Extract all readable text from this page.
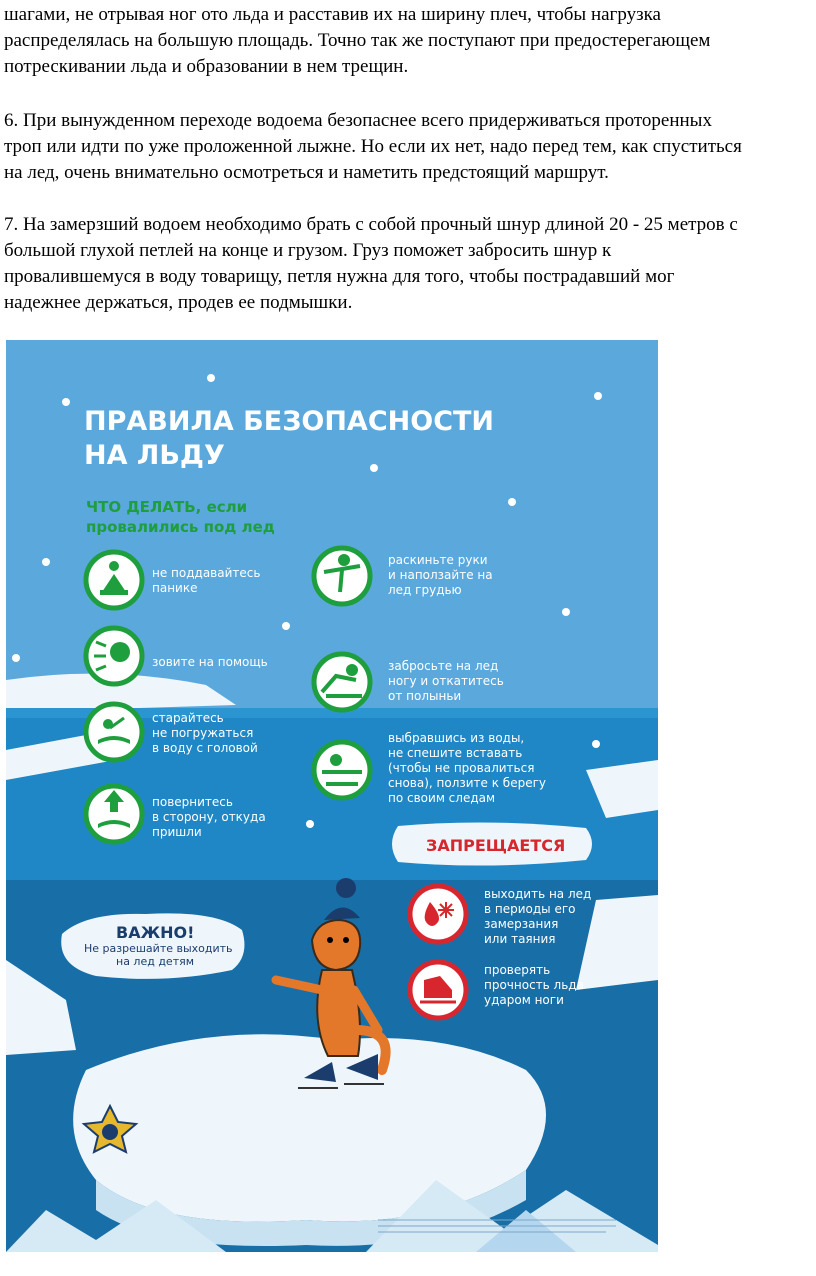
шагами, не отрывая ног ото льда и расставив их на ширину плеч, чтобы нагрузка
распределялась на большую площадь. Точно так же поступают при предостерегающем
потрескивании льда и образовании в нем трещин.
6. При вынужденном переходе водоема безопаснее всего придерживаться проторенных
троп или идти по уже проложенной лыжне. Но если их нет, надо перед тем, как спуститься
на лед, очень внимательно осмотреться и наметить предстоящий маршрут.
7. На замерзший водоем необходимо брать с собой прочный шнур длиной 20 - 25 метров с
большой глухой петлей на конце и грузом. Груз поможет забросить шнур к
провалившемуся в воду товарищу, петля нужна для того, чтобы пострадавший мог
надежнее держаться, продев ее подмышки.
ПРАВИЛА БЕЗОПАСНОСТИ
НА ЛЬДУ
ЧТО ДЕЛАТЬ, если
провалились под лед
не поддавайтесь
панике
зовите на помощь
старайтесь
не погружаться
в воду с головой
повернитесь
в сторону, откуда
пришли
раскиньте руки
и наползайте на
лед грудью
забросьте на лед
ногу и откатитесь
от полыньи
выбравшись из воды,
не спешите вставать
(чтобы не провалиться
снова), ползите к берегу
по своим следам
ЗАПРЕЩАЕТСЯ
выходить на лед
в периоды его
замерзания
или таяния
проверять
прочность льда
ударом ноги
ВАЖНО!
Не разрешайте выходить
на лед детям
